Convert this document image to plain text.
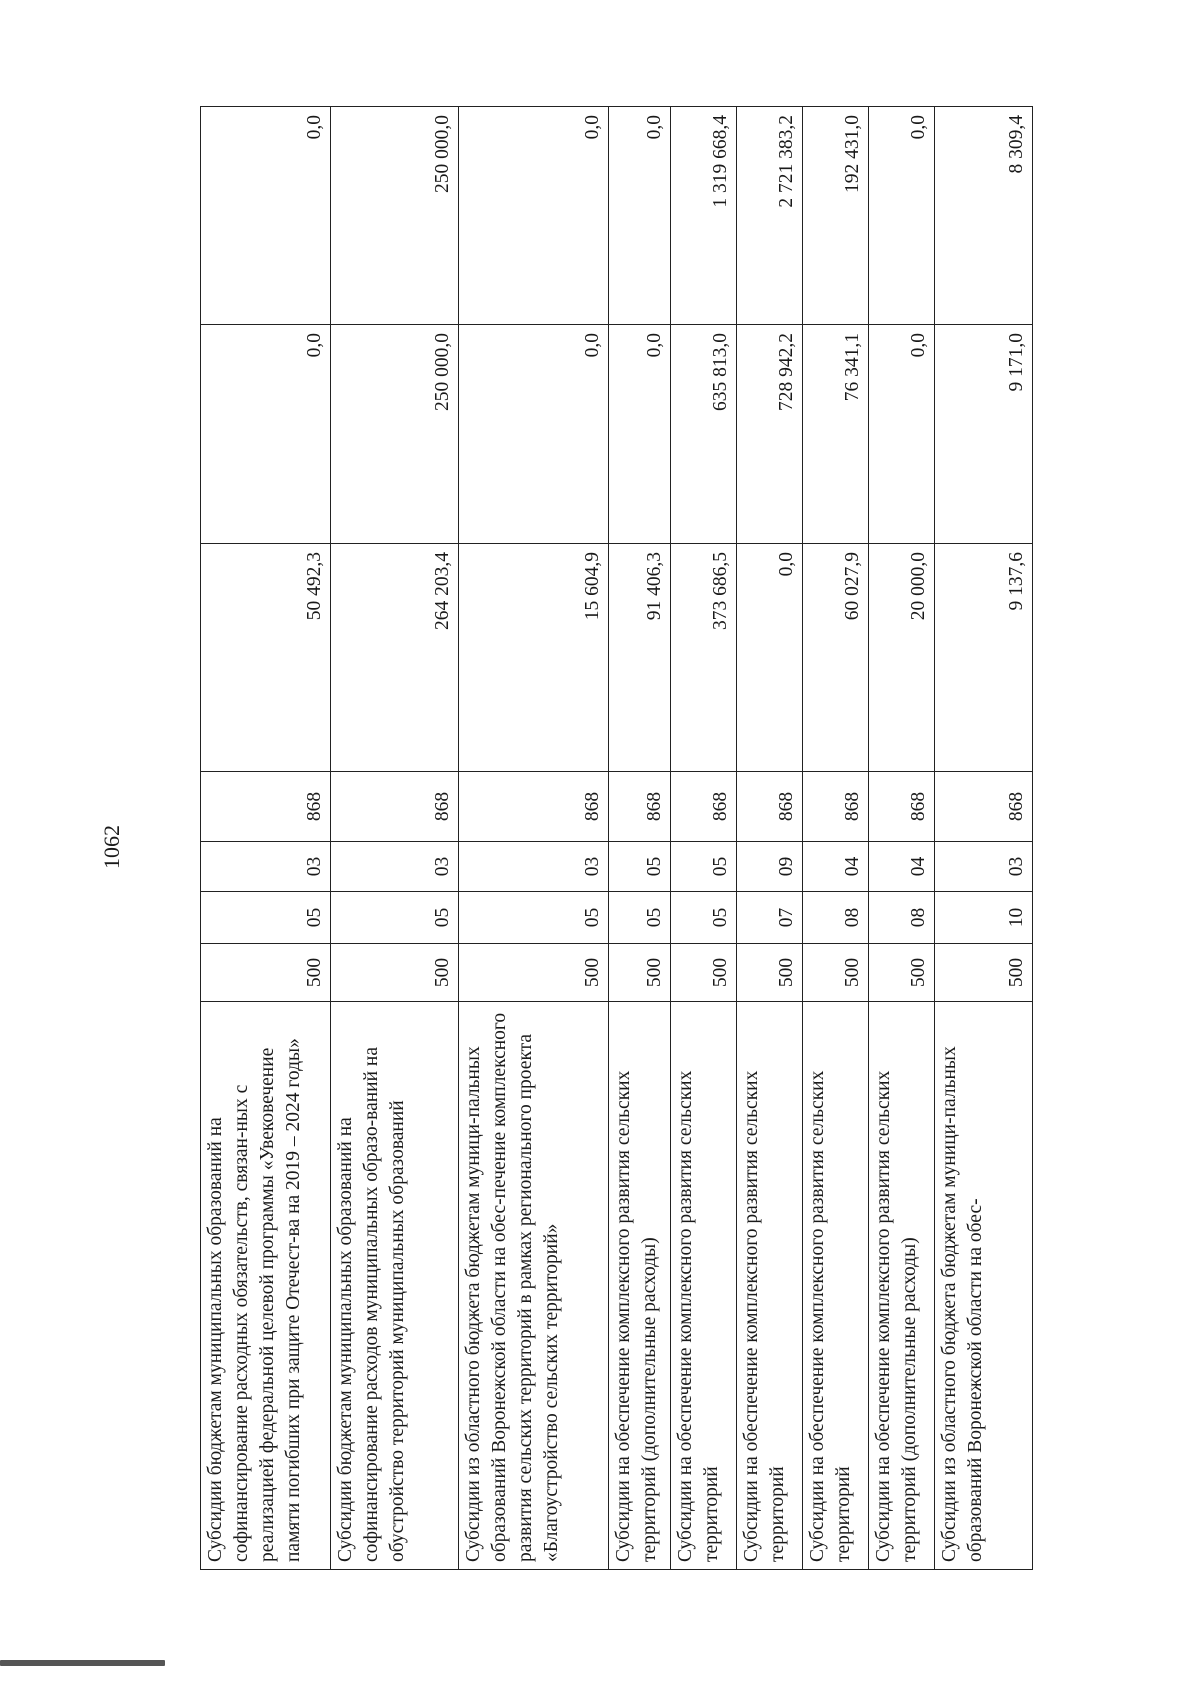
1062
Субсидии бюджетам муниципальных образований на софинансирование расходных обязательств, связан-ных с реализацией федеральной целевой программы «Увековечение памяти погибших при защите Отечест-ва на 2019 – 2024 годы»	500	05	03	868	50 492,3	0,0	0,0
Субсидии бюджетам муниципальных образований на софинансирование расходов муниципальных образо-ваний на обустройство территорий муниципальных образований	500	05	03	868	264 203,4	250 000,0	250 000,0
Субсидии из областного бюджета бюджетам муници-пальных образований Воронежской области на обес-печение комплексного развития сельских территорий в рамках регионального проекта «Благоустройство сельских территорий»	500	05	03	868	15 604,9	0,0	0,0
Субсидии на обеспечение комплексного развития сельских территорий (дополнительные расходы)	500	05	05	868	91 406,3	0,0	0,0
Субсидии на обеспечение комплексного развития сельских территорий	500	05	05	868	373 686,5	635 813,0	1 319 668,4
Субсидии на обеспечение комплексного развития сельских территорий	500	07	09	868	0,0	728 942,2	2 721 383,2
Субсидии на обеспечение комплексного развития сельских территорий	500	08	04	868	60 027,9	76 341,1	192 431,0
Субсидии на обеспечение комплексного развития сельских территорий (дополнительные расходы)	500	08	04	868	20 000,0	0,0	0,0
Субсидии из областного бюджета бюджетам муници-пальных образований Воронежской области на обес-	500	10	03	868	9 137,6	9 171,0	8 309,4
